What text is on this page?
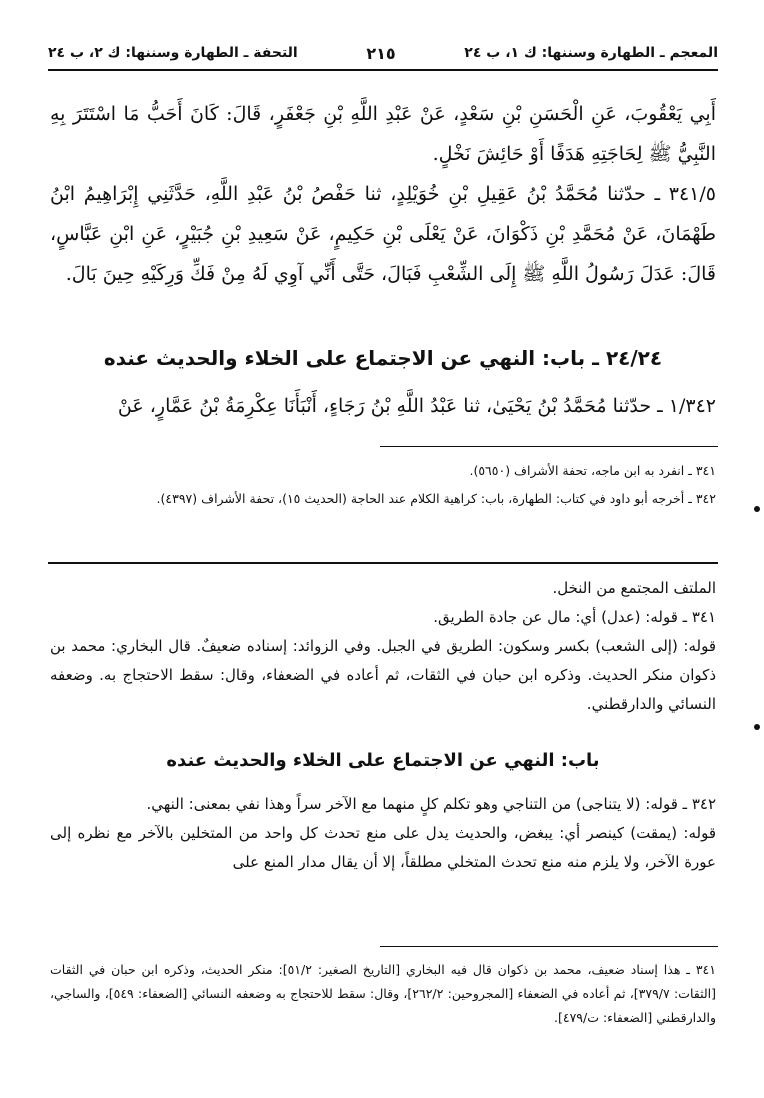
المعجم ـ الطهارة وسننها: ك ١، ب ٢٤
٢١٥
التحفة ـ الطهارة وسننها: ك ٢، ب ٢٤

أَبِي يَعْقُوبَ، عَنِ الْحَسَنِ بْنِ سَعْدٍ، عَنْ عَبْدِ اللَّهِ بْنِ جَعْفَرٍ، قَالَ: كَانَ أَحَبُّ مَا اسْتَتَرَ بِهِ النَّبِيُّ ﷺ لِحَاجَتِهِ هَدَفًا أَوْ حَائِشَ نَخْلٍ.

٣٤١/٥ ـ حدّثنا مُحَمَّدُ بْنُ عَقِيلِ بْنِ خُوَيْلِدٍ، ثنا حَفْصُ بْنُ عَبْدِ اللَّهِ، حَدَّثَنِي إِبْرَاهِيمُ ابْنُ طَهْمَانَ، عَنْ مُحَمَّدِ بْنِ ذَكْوَانَ، عَنْ يَعْلَى بْنِ حَكِيمٍ، عَنْ سَعِيدِ بْنِ جُبَيْرٍ، عَنِ ابْنِ عَبَّاسٍ، قَالَ: عَدَلَ رَسُولُ اللَّهِ ﷺ إِلَى الشِّعْبِ فَبَالَ، حَتَّى أَنِّي آوِي لَهُ مِنْ فَكِّ وَرِكَيْهِ حِينَ بَالَ.

٢٤/٢٤ ـ باب: النهي عن الاجتماع على الخلاء والحديث عنده

١/٣٤٢ ـ حدّثنا مُحَمَّدُ بْنُ يَحْيَىٰ، ثنا عَبْدُ اللَّهِ بْنُ رَجَاءٍ، أَنْبَأَنَا عِكْرِمَةُ بْنُ عَمَّارٍ، عَنْ

٣٤١ ـ انفرد به ابن ماجه، تحفة الأشراف (٥٦٥٠).

٣٤٢ ـ أخرجه أبو داود في كتاب: الطهارة، باب: كراهية الكلام عند الحاجة (الحديث ١٥)، تحفة الأشراف (٤٣٩٧).

الملتف المجتمع من النخل.

٣٤١ ـ قوله: (عدل) أي: مال عن جادة الطريق.

قوله: (إلى الشعب) بكسر وسكون: الطريق في الجبل. وفي الزوائد: إسناده ضعيفٌ. قال البخاري: محمد بن ذكوان منكر الحديث. وذكره ابن حبان في الثقات، ثم أعاده في الضعفاء، وقال: سقط الاحتجاج به. وضعفه النسائي والدارقطني.

باب: النهي عن الاجتماع على الخلاء والحديث عنده

٣٤٢ ـ قوله: (لا يتناجى) من التناجي وهو تكلم كلٍ منهما مع الآخر سراً وهذا نفي بمعنى: النهي.

قوله: (يمقت) كينصر أي: يبغض، والحديث يدل على منع تحدث كل واحد من المتخلين بالآخر مع نظره إلى عورة الآخر، ولا يلزم منه منع تحدث المتخلي مطلقاً، إلا أن يقال مدار المنع على

٣٤١ ـ هذا إسناد ضعيف، محمد بن ذكوان قال فيه البخاري [التاريخ الصغير: ٥١/٢]: منكر الحديث، وذكره ابن حبان في الثقات [الثقات: ٣٧٩/٧]، ثم أعاده في الضعفاء [المجروحين: ٢٦٢/٢]، وقال: سقط للاحتجاج به وضعفه النسائي [الضعفاء: ٥٤٩]، والساجي، والدارقطني [الضعفاء: ت/٤٧٩].
